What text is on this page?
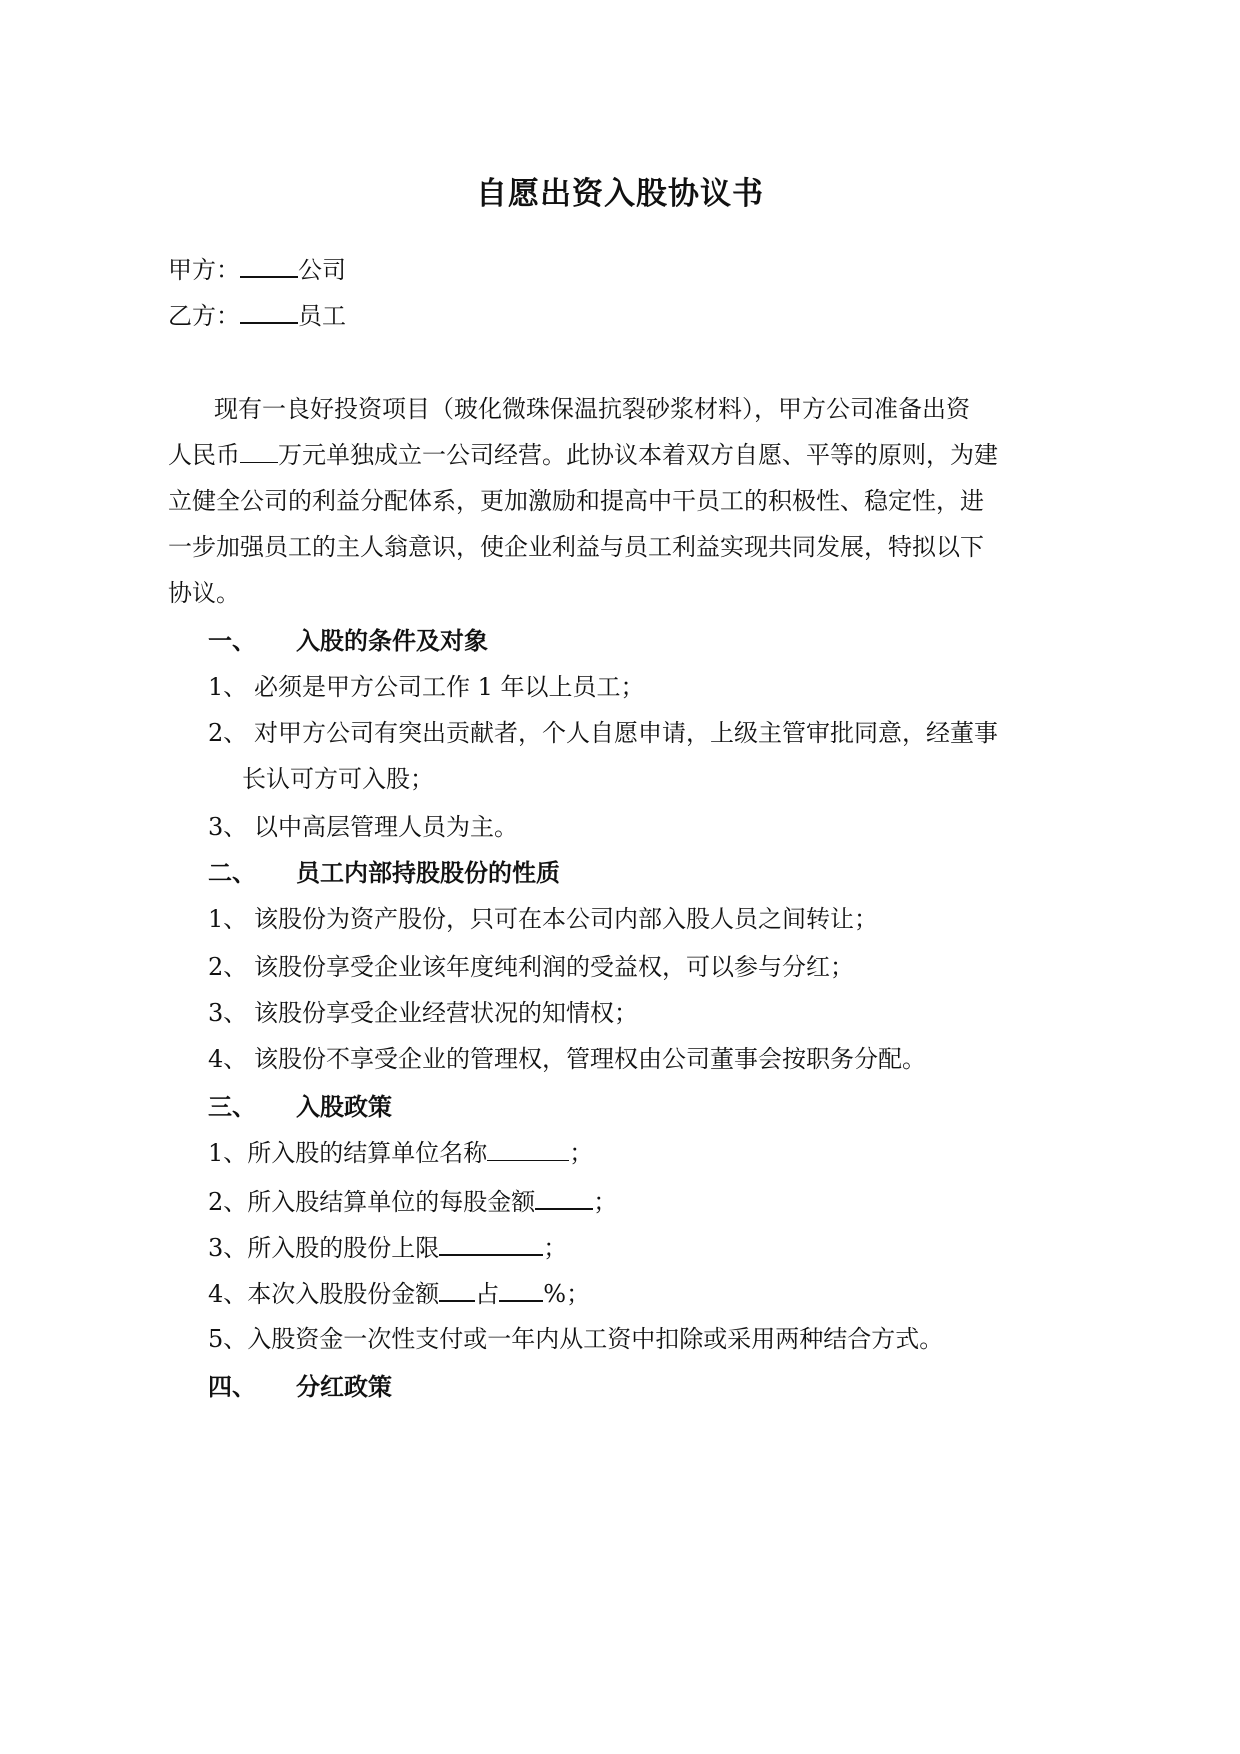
自愿出资入股协议书
甲方： 公司
乙方： 员工
现有一良好投资项目（玻化微珠保温抗裂砂浆材料），甲方公司准备出资
人民币 万元单独成立一公司经营。此协议本着双方自愿、平等的原则，为建
立健全公司的利益分配体系，更加激励和提高中干员工的积极性、稳定性，进
一步加强员工的主人翁意识，使企业利益与员工利益实现共同发展，特拟以下
协议。
一、 入股的条件及对象
1、 必须是甲方公司工作 1 年以上员工；
2、 对甲方公司有突出贡献者，个人自愿申请，上级主管审批同意，经董事
长认可方可入股；
3、 以中高层管理人员为主。
二、 员工内部持股股份的性质
1、 该股份为资产股份，只可在本公司内部入股人员之间转让；
2、 该股份享受企业该年度纯利润的受益权，可以参与分红；
3、 该股份享受企业经营状况的知情权；
4、 该股份不享受企业的管理权，管理权由公司董事会按职务分配。
三、 入股政策
1、所入股的结算单位名称	；
2、所入股结算单位的每股金额 ；
3、所入股的股份上限	；
4、本次入股股份金额 占 %；
5、入股资金一次性支付或一年内从工资中扣除或采用两种结合方式。
四、 分红政策
